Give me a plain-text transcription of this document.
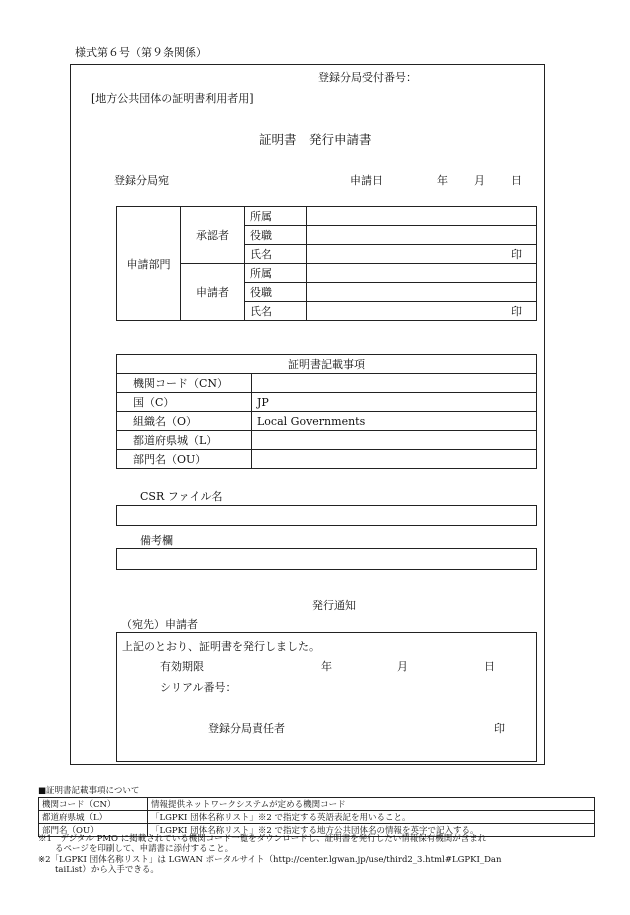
様式第６号（第９条関係）
登録分局受付番号：
[地方公共団体の証明書利用者用]
証明書　発行申請書
登録分局宛	申請日	年 月 日
申請部門	承認者	所属	
		役職	
		氏名	印
	申請者	所属	
		役職	
		氏名	印
証明書記載事項	
機関コード（CN）	
国（C）	JP
組織名（O）	Local Governments
都道府県城（L）	
部門名（OU）	
CSR ファイル名
備考欄
発行通知
（宛先）申請者
上記のとおり、証明書を発行しました。
有効期限	年	月	日
シリアル番号：
登録分局責任者	印
■証明書記載事項について
機関コード（CN）	情報提供ネットワークシステムが定める機関コード
都道府県城（L）	「LGPKI 団体名称リスト」※2 で指定する英語表記を用いること。
部門名（OU）	「LGPKI 団体名称リスト」※2 で指定する地方公共団体名の情報を英字で記入する。
※1　デジタル PMO に掲載されている機関コード一覧をダウンロードし、証明書を発行したい情報保有機関が含まれ
るページを印刷して、申請書に添付すること。
※2「LGPKI 団体名称リスト」は LGWAN ポータルサイト（http://center.lgwan.jp/use/third2_3.html#LGPKI_Dan
taiList）から入手できる。
